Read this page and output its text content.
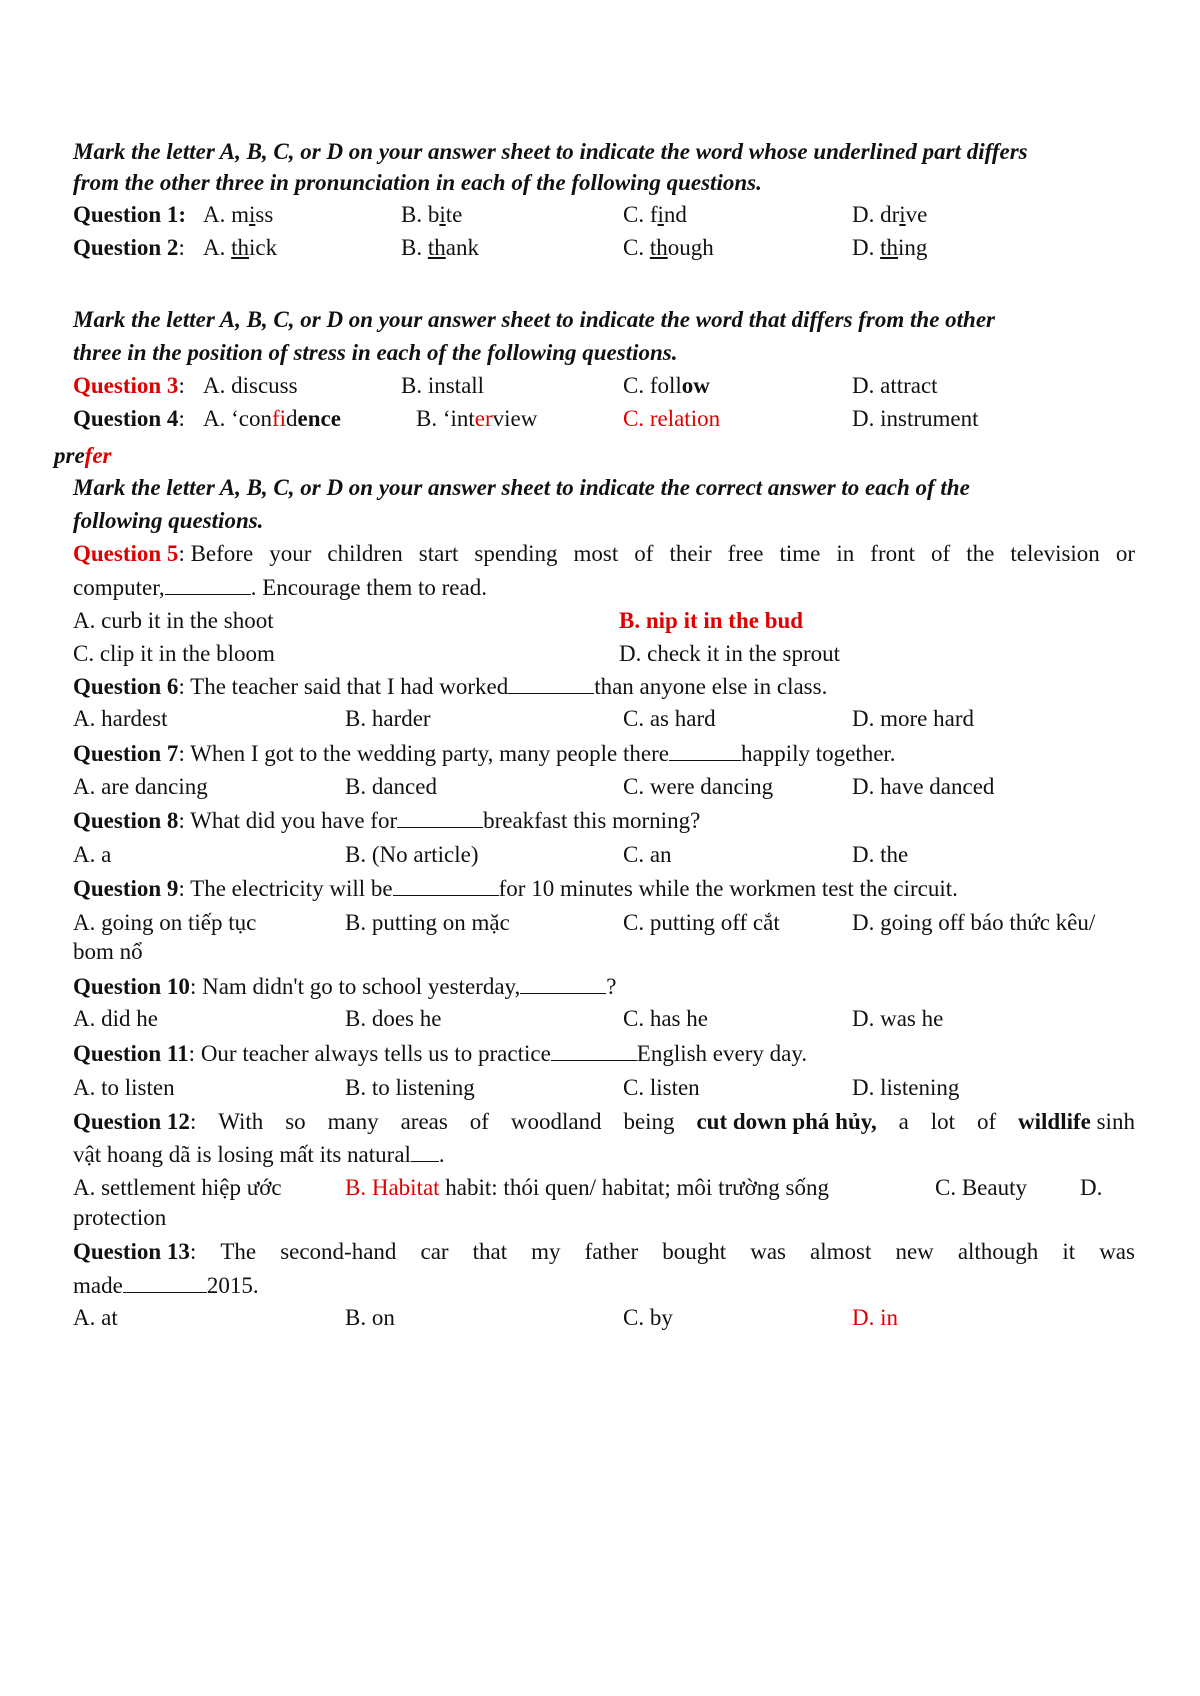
Mark the letter A, B, C, or D on your answer sheet to indicate the word whose underlined part differs
from the other three in pronunciation in each of the following questions.
Question 1: A. miss	B. bite	C. find	D. drive
Question 2: A. thick	B. thank	C. though	D. thing
Mark the letter A, B, C, or D on your answer sheet to indicate the word that differs from the other
three in the position of stress in each of the following questions.
Question 3: A. discuss	B. install	C. follow	D. attract
Question 4: A. ‘confidence	B. ‘interview	C. relation	D. instrument
prefer
Mark the letter A, B, C, or D on your answer sheet to indicate the correct answer to each of the
following questions.
Question 5 : Before your children start spending most of their free time in front of the television or
computer,	. Encourage them to read.
A. curb it in the shoot	B. nip it in the bud
C. clip it in the bloom	D. check it in the sprout
Question 6: The teacher said that I had worked	than anyone else in class.
A. hardest	B. harder	C. as hard	D. more hard
Question 7: When I got to the wedding party, many people there	happily together.
A. are dancing	B. danced	C. were dancing	D. have danced
Question 8: What did you have for	breakfast this morning?
A. a	B. (No article)	C. an	D. the
Question 9: The electricity will be	for 10 minutes while the workmen test the circuit.
A. going on tiếp tục	B. putting on mặc	C. putting off cắt	D. going off báo thức kêu/
bom nổ
Question 10: Nam didn't go to school yesterday,	?
A. did he	B. does he	C. has he	D. was he
Question 11: Our teacher always tells us to practice	English every day.
A. to listen	B. to listening	C. listen	D. listening
Question 12: With so many areas of woodland being cut down phá hủy, a lot of wildlife sinh
vật hoang dã is losing mất its natural .
A. settlement hiệp ước	B. Habitat habit: thói quen/ habitat; môi trường sống	C. Beauty D.
protection
Question 13: The second-hand car that my father bought was almost new although it was
made	2015.
A. at	B. on	C. by	D. in
